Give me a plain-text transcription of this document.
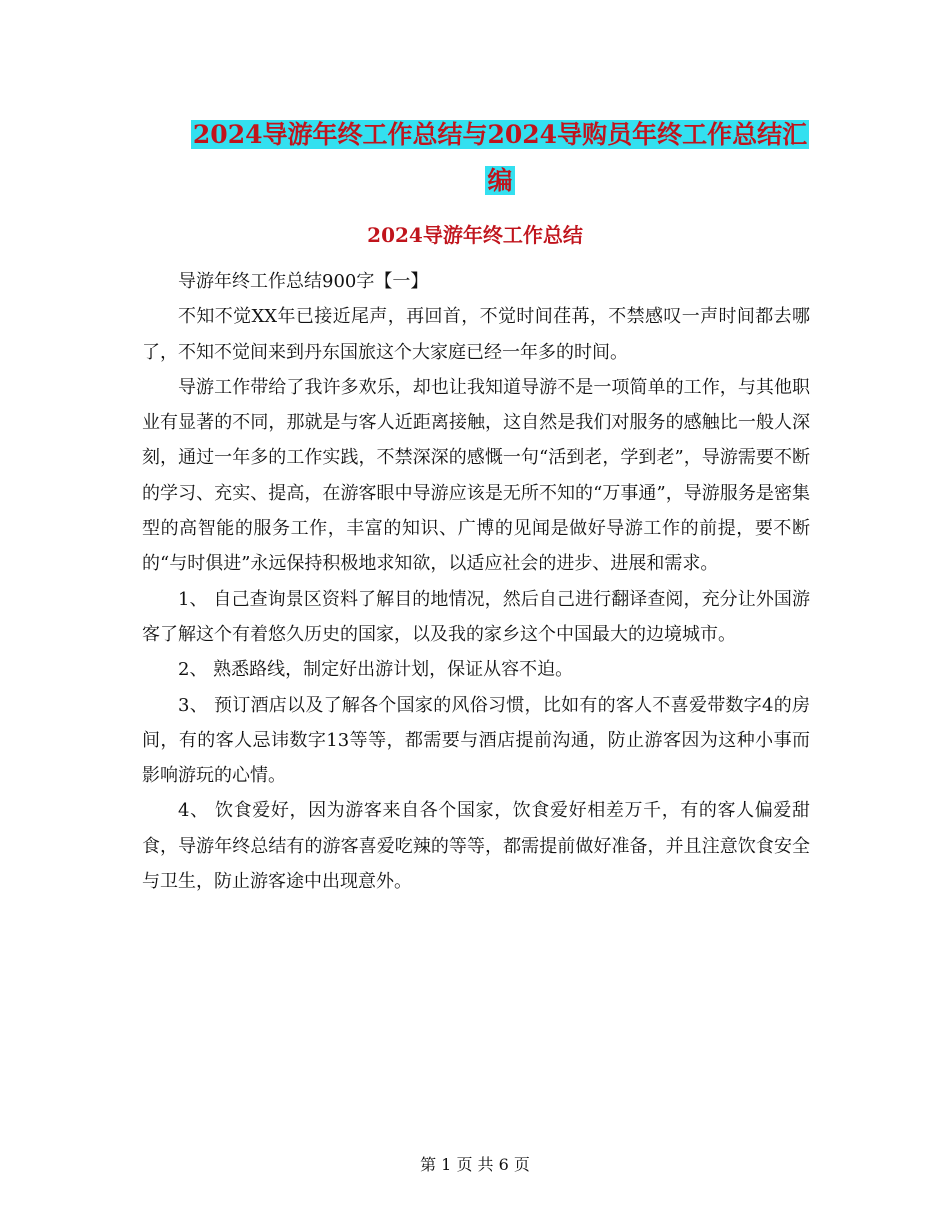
2024导游年终工作总结与2024导购员年终工作总结汇
编
2024导游年终工作总结

导游年终工作总结900字【一】

不知不觉XX年已接近尾声，再回首，不觉时间荏苒，不禁感叹一声时间都去哪了，不知不觉间来到丹东国旅这个大家庭已经一年多的时间。

导游工作带给了我许多欢乐，却也让我知道导游不是一项简单的工作，与其他职业有显著的不同，那就是与客人近距离接触，这自然是我们对服务的感触比一般人深刻，通过一年多的工作实践，不禁深深的感慨一句“活到老，学到老”，导游需要不断的学习、充实、提高，在游客眼中导游应该是无所不知的“万事通”，导游服务是密集型的高智能的服务工作，丰富的知识、广博的见闻是做好导游工作的前提，要不断的“与时俱进”永远保持积极地求知欲，以适应社会的进步、进展和需求。

1、 自己查询景区资料了解目的地情况，然后自己进行翻译查阅，充分让外国游客了解这个有着悠久历史的国家，以及我的家乡这个中国最大的边境城市。

2、 熟悉路线，制定好出游计划，保证从容不迫。

3、 预订酒店以及了解各个国家的风俗习惯，比如有的客人不喜爱带数字4的房间，有的客人忌讳数字13等等，都需要与酒店提前沟通，防止游客因为这种小事而影响游玩的心情。

4、 饮食爱好，因为游客来自各个国家，饮食爱好相差万千，有的客人偏爱甜食，导游年终总结有的游客喜爱吃辣的等等，都需提前做好准备，并且注意饮食安全与卫生，防止游客途中出现意外。

第 1 页 共 6 页
